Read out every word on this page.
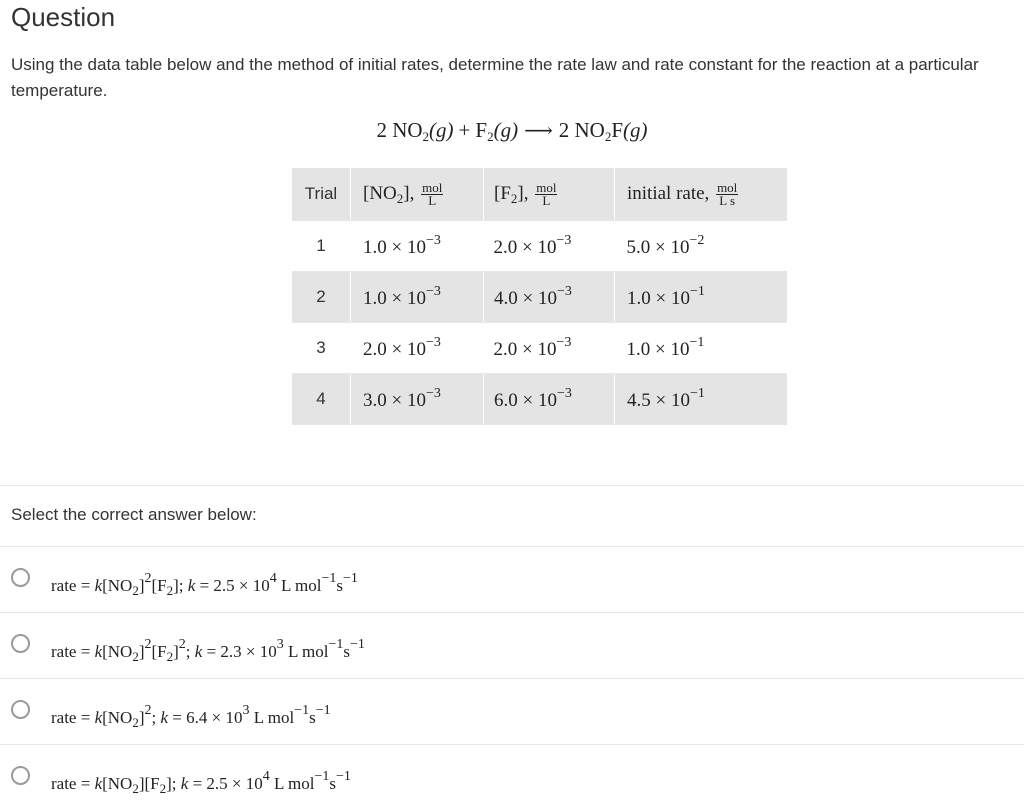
Question
Using the data table below and the method of initial rates, determine the rate law and rate constant for the reaction at a particular temperature.
2 $NO_2(g) + F_2(g)$ ⟶ 2 $NO_2F(g)$
Trial	$[NO_2]$, $\frac{\text{mol}}{L}$	$[F_2]$, $\frac{\text{mol}}{L}$	initial rate, $\frac{\text{mol}}{\text{L s}}$

1	$1.0 \times 10^{-3}$	$2.0 \times 10^{-3}$	$5.0 \times 10^{-2}$
2	$1.0 \times 10^{-3}$	$4.0 \times 10^{-3}$	$1.0 \times 10^{-1}$
3	$2.0 \times 10^{-3}$	$2.0 \times 10^{-3}$	$1.0 \times 10^{-1}$
4	$3.0 \times 10^{-3}$	$6.0 \times 10^{-3}$	$4.5 \times 10^{-1}$
Select the correct answer below:
rate = $k[NO_2]^2[F_2]$; $k = 2.5 \times 10^4$ L $mol^{-1}s^{-1}$
rate = $k[NO_2]^2[F_2]^2$; $k = 2.3 \times 10^3$ L $mol^{-1}s^{-1}$
rate = $k[NO_2]^2$; $k = 6.4 \times 10^3$ L $mol^{-1}s^{-1}$
rate = $k[NO_2][F_2]$; $k = 2.5 \times 10^4$ L $mol^{-1}s^{-1}$
